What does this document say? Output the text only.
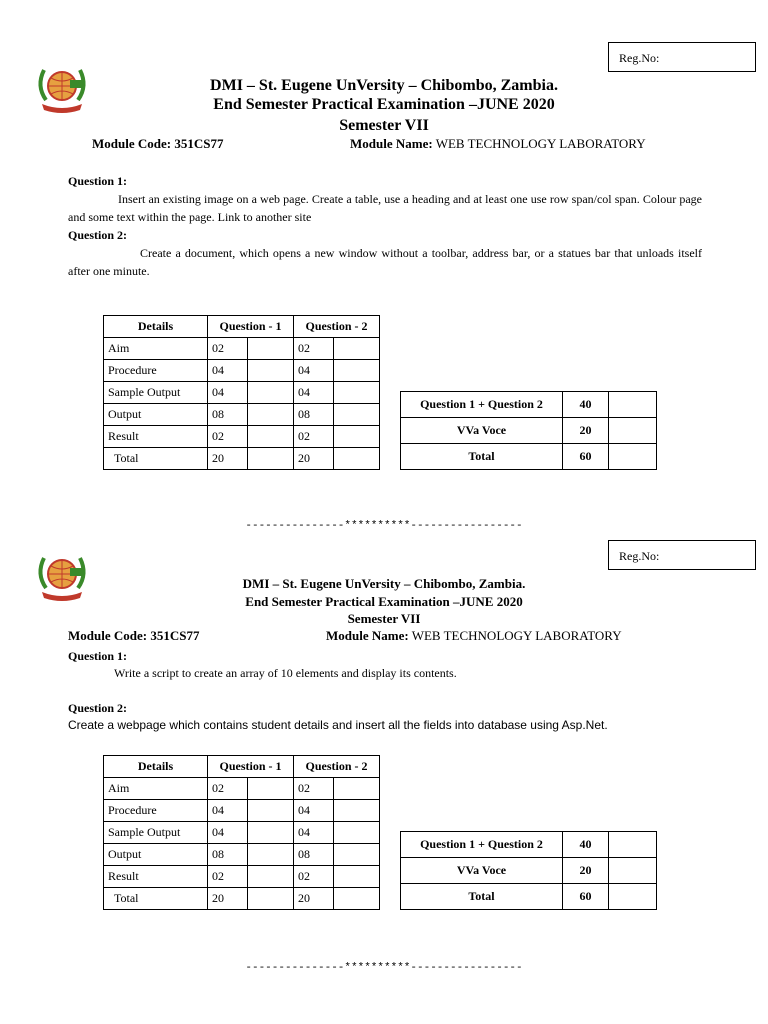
Reg.No:
DMI – St. Eugene UnVersity – Chibombo, Zambia.
End Semester Practical Examination –JUNE 2020
Semester VII
Module Code: 351CS77	Module Name: WEB TECHNOLOGY LABORATORY
Question 1:
Insert an existing image on a web page. Create a table, use a heading and at least one use row span/col span. Colour page and some text within the page. Link to another site
Question 2:
Create a document, which opens a new window without a toolbar, address bar, or a statues bar that unloads itself after one minute.
Details	Question - 1		Question - 2	
Aim	02		02	
Procedure	04		04	
Sample Output	04		04	
Output	08		08	
Result	02		02	
Total	20		20	
Question 1 + Question 2	40	
VVa Voce	20	
Total	60	
---------------**********-----------------
Reg.No:
DMI – St. Eugene UnVersity – Chibombo, Zambia.
End Semester Practical Examination –JUNE 2020
Semester VII
Module Code: 351CS77	Module Name: WEB TECHNOLOGY LABORATORY
Question 1:
Write a script to create an array of 10 elements and display its contents.
Question 2:
Create a webpage which contains student details and insert all the fields into database using Asp.Net.
Details	Question - 1		Question - 2	
Aim	02		02	
Procedure	04		04	
Sample Output	04		04	
Output	08		08	
Result	02		02	
Total	20		20	
Question 1 + Question 2	40	
VVa Voce	20	
Total	60	
---------------**********-----------------
